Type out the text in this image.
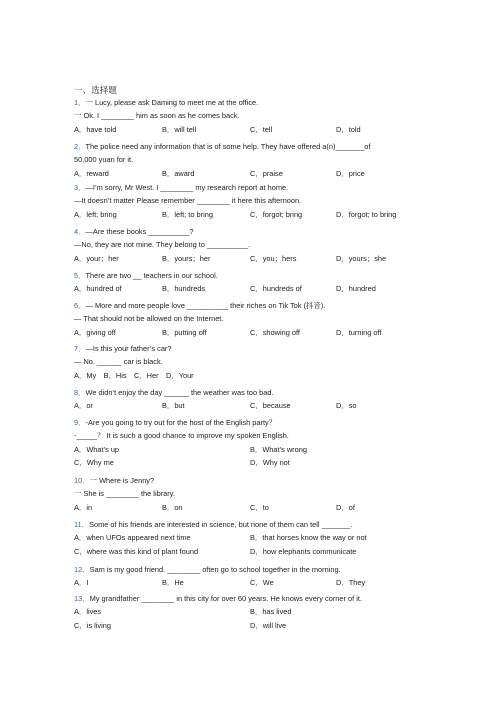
一、选择题
1．一 Lucy, please ask Daming to meet me at the office.
一 Ok. I ________ him as soon as he comes back.
A．have told	B．will tell	C．tell	D．told
2．The police need any information that is of some help. They have offered a(n)_______of
50,000 yuan for it.
A．reward	B．award	C．praise	D．price
3．—I’m sorry, Mr West. I ________ my research report at home.
—It doesn’t matter Please remember ________ it here this afternoon.
A．left; bring	B．left; to bring	C．forgot; bring	D．forgot; to bring
4．—Are these books __________?
—No, they are not mine. They belong to __________.
A．your；her	B．yours；her	C．you；hers	D．yours；she
5．There are two __ teachers in our school.
A．hundred of	B．hundreds	C．hundreds of	D．hundred
6．— More and more people love __________ their riches on Tik Tok (抖音).
— That should not be allowed on the Internet.
A．giving off	B．putting off	C．showing off	D．turning off
7．—Is this your father’s car?
— No. ______ car is black.
A．My　B．His　C．Her　D．Your
8．We didn’t enjoy the day ______ the weather was too bad.
A．or	B．but	C．because	D．so
9．-Are you going to try out for the host of the English party？
-_____？ It is such a good chance to improve my spoken English.
A．What’s up	B．What’s wrong
C．Why me	D．Why not
10．一 Where is Jenny?
一 She is ________ the library.
A．in	B．on	C．to	D．of
11．Some of his friends are interested in science, but none of them can tell _______.
A．when UFOs appeared next time	B．that horses know the way or not
C．where was this kind of plant found	D．how elephants communicate
12．Sam is my good friend. ________ often go to school together in the morning.
A．I	B．He	C．We	D．They
13．My grandfather ________ in this city for over 60 years. He knows every corner of it.
A．lives	B．has lived
C．is living	D．will live
